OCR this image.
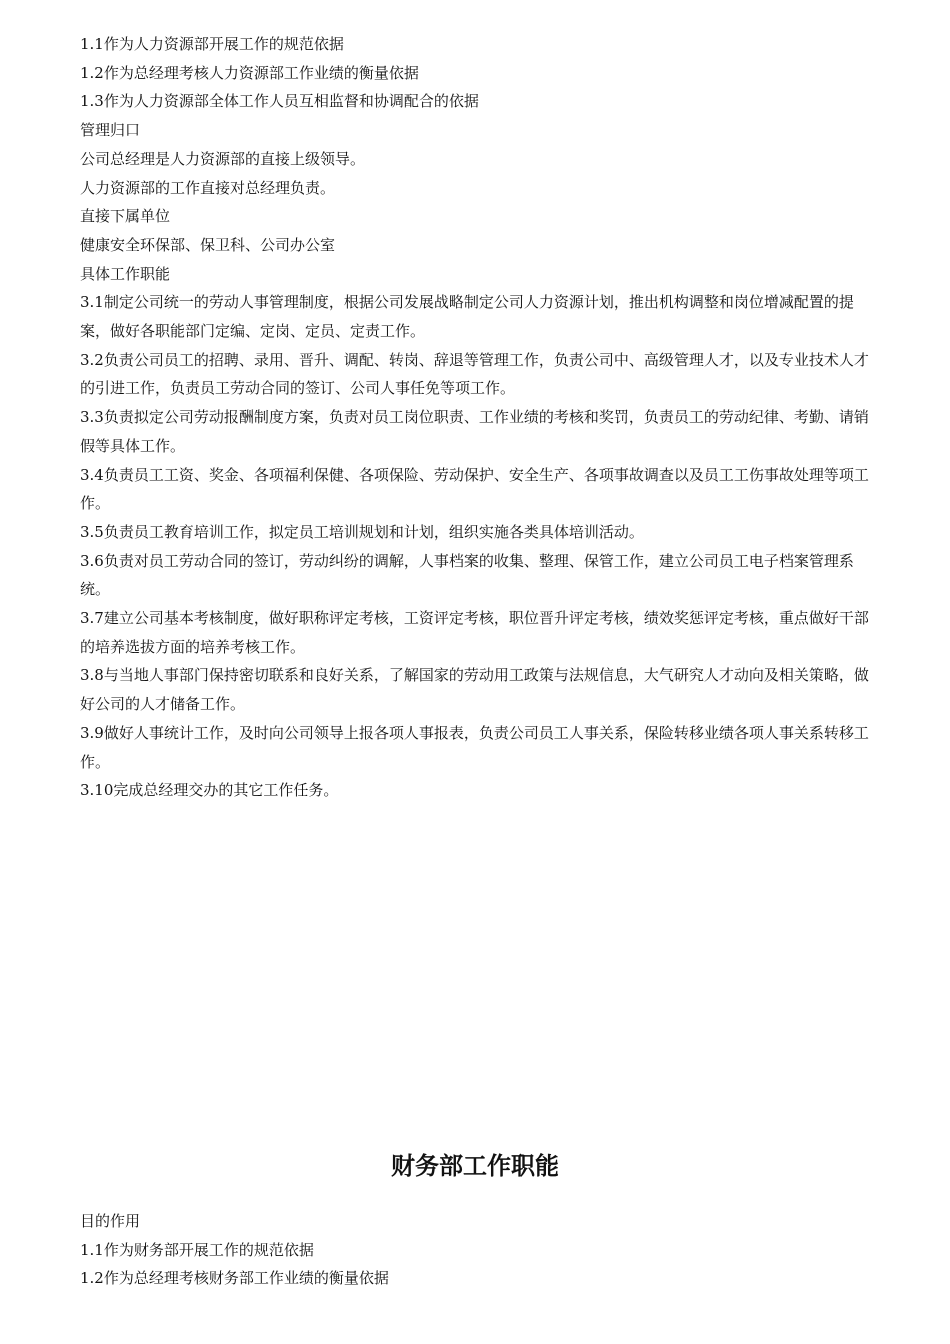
1.1作为人力资源部开展工作的规范依据

1.2作为总经理考核人力资源部工作业绩的衡量依据

1.3作为人力资源部全体工作人员互相监督和协调配合的依据

管理归口

公司总经理是人力资源部的直接上级领导。

人力资源部的工作直接对总经理负责。

直接下属单位

健康安全环保部、保卫科、公司办公室

具体工作职能

3.1制定公司统一的劳动人事管理制度，根据公司发展战略制定公司人力资源计划，推出机构调整和岗位增减配置的提案，做好各职能部门定编、定岗、定员、定责工作。

3.2负责公司员工的招聘、录用、晋升、调配、转岗、辞退等管理工作，负责公司中、高级管理人才，以及专业技术人才的引进工作，负责员工劳动合同的签订、公司人事任免等项工作。

3.3负责拟定公司劳动报酬制度方案，负责对员工岗位职责、工作业绩的考核和奖罚，负责员工的劳动纪律、考勤、请销假等具体工作。

3.4负责员工工资、奖金、各项福利保健、各项保险、劳动保护、安全生产、各项事故调查以及员工工伤事故处理等项工作。

3.5负责员工教育培训工作，拟定员工培训规划和计划，组织实施各类具体培训活动。

3.6负责对员工劳动合同的签订，劳动纠纷的调解，人事档案的收集、整理、保管工作，建立公司员工电子档案管理系统。

3.7建立公司基本考核制度，做好职称评定考核，工资评定考核，职位晋升评定考核，绩效奖惩评定考核，重点做好干部的培养选拔方面的培养考核工作。

3.8与当地人事部门保持密切联系和良好关系，了解国家的劳动用工政策与法规信息，大气研究人才动向及相关策略，做好公司的人才储备工作。

3.9做好人事统计工作，及时向公司领导上报各项人事报表，负责公司员工人事关系，保险转移业绩各项人事关系转移工作。

3.10完成总经理交办的其它工作任务。

财务部工作职能

目的作用

1.1作为财务部开展工作的规范依据

1.2作为总经理考核财务部工作业绩的衡量依据
